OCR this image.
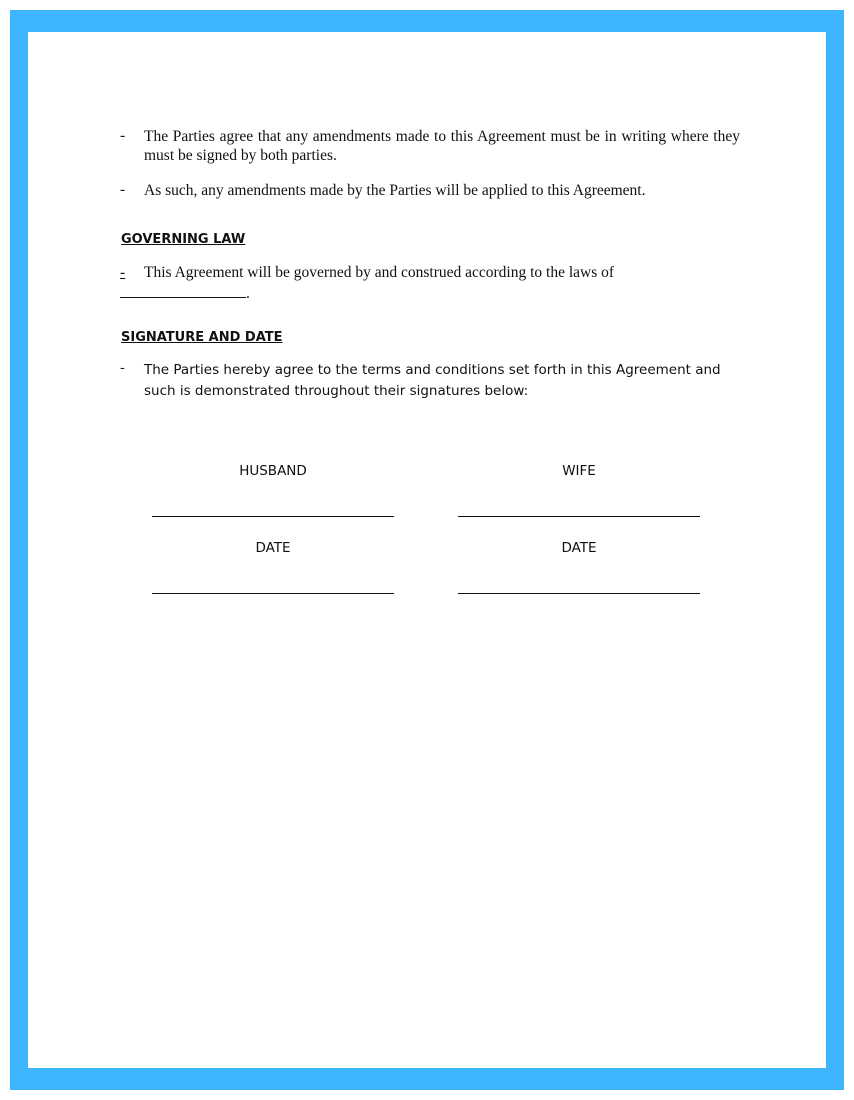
- The Parties agree that any amendments made to this Agreement must be in writing where they must be signed by both parties.
- As such, any amendments made by the Parties will be applied to this Agreement.
GOVERNING LAW
- This Agreement will be governed by and construed according to the laws of
.
SIGNATURE AND DATE
- The Parties hereby agree to the terms and conditions set forth in this Agreement and such is demonstrated throughout their signatures below:
HUSBAND	WIFE
DATE	DATE
